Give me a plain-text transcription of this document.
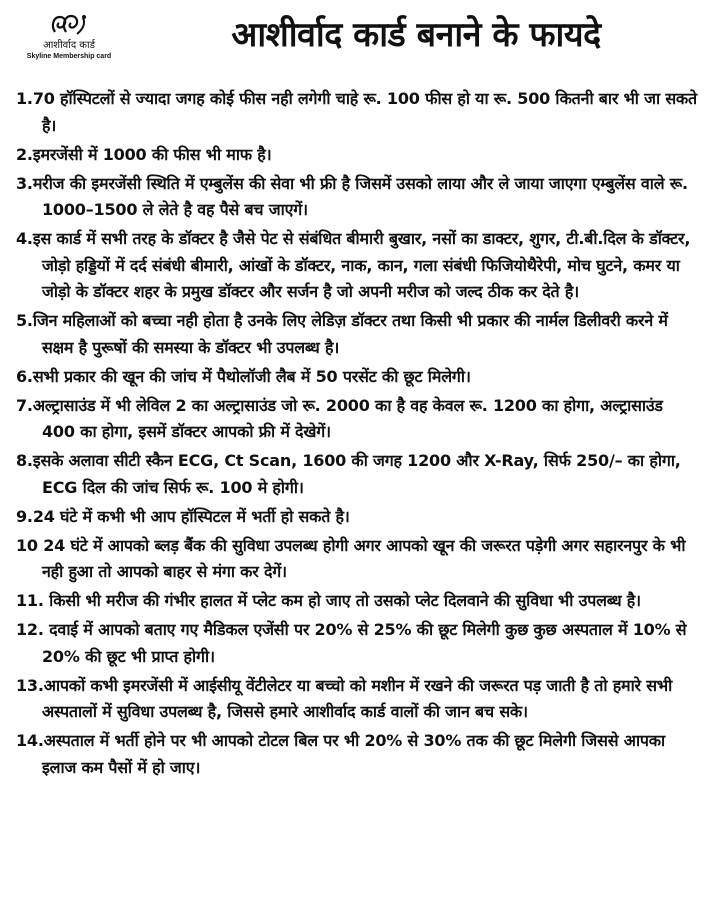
आशीर्वाद कार्ड
Skyline Membership card
आशीर्वाद कार्ड बनाने के फायदे
1.70 हॉस्पिटलों से ज्यादा जगह कोई फीस नही लगेगी चाहे रू. 100 फीस हो या रू. 500 कितनी बार भी जा सकते है।
2.इमरजेंसी में 1000 की फीस भी माफ है।
3.मरीज की इमरजेंसी स्थिति में एम्बुलेंस की सेवा भी फ्री है जिसमें उसको लाया और ले जाया जाएगा एम्बुलेंस वाले रू. 1000–1500 ले लेते है वह पैसे बच जाएगें।
4.इस कार्ड में सभी तरह के डॉक्टर है जैसे पेट से संबंधित बीमारी बुखार, नसों का डाक्टर, शुगर, टी.बी.दिल के डॉक्टर, जोड़ो हड्डियों में दर्द संबंधी बीमारी, आंखों के डॉक्टर, नाक, कान, गला संबंधी फिजियोथैरेपी, मोच घुटने, कमर या जोड़ो के डॉक्टर शहर के प्रमुख डॉक्टर और सर्जन है जो अपनी मरीज को जल्द ठीक कर देते है।
5.जिन महिलाओं को बच्चा नही होता है उनके लिए लेडिज़ डॉक्टर तथा किसी भी प्रकार की नार्मल डिलीवरी करने में सक्षम है पुरूषों की समस्या के डॉक्टर भी उपलब्ध है।
6.सभी प्रकार की खून की जांच में पैथोलॉजी लैब में 50 परसेंट की छूट मिलेगी।
7.अल्ट्रासाउंड में भी लेविल 2 का अल्ट्रासाउंड जो रू. 2000 का है वह केवल रू. 1200 का होगा, अल्ट्रासाउंड 400 का होगा, इसमें डॉक्टर आपको फ्री में देखेगें।
8.इसके अलावा सीटी स्कैन ECG, Ct Scan, 1600 की जगह 1200 और X-Ray, सिर्फ 250/– का होगा, ECG दिल की जांच सिर्फ रू. 100 मे होगी।
9.24 घंटे में कभी भी आप हॉस्पिटल में भर्ती हो सकते है।
10 24 घंटे में आपको ब्लड़ बैंक की सुविधा उपलब्ध होगी अगर आपको खून की जरूरत पड़ेगी अगर सहारनपुर के भी नही हुआ तो आपको बाहर से मंगा कर देगें।
11. किसी भी मरीज की गंभीर हालत में प्लेट कम हो जाए तो उसको प्लेट दिलवाने की सुविधा भी उपलब्ध है।
12. दवाई में आपको बताए गए मैडिकल एजेंसी पर 20% से 25% की छूट मिलेगी कुछ कुछ अस्पताल में 10% से 20% की छूट भी प्राप्त होगी।
13.आपकों कभी इमरजेंसी में आईसीयू वेंटीलेटर या बच्चो को मशीन में रखने की जरूरत पड़ जाती है तो हमारे सभी अस्पतालों में सुविधा उपलब्ध है, जिससे हमारे आशीर्वाद कार्ड वालों की जान बच सके।
14.अस्पताल में भर्ती होने पर भी आपको टोटल बिल पर भी 20% से 30% तक की छूट मिलेगी जिससे आपका इलाज कम पैसों में हो जाए।
